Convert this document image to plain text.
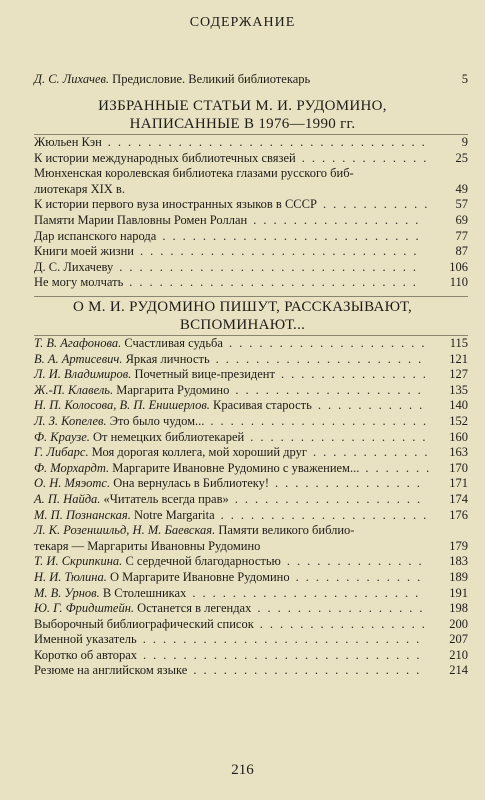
СОДЕРЖАНИЕ
Д. С. Лихачев. Предисловие. Великий библиотекарь	5
ИЗБРАННЫЕ СТАТЬИ М. И. РУДОМИНО,
НАПИСАННЫЕ В 1976—1990 гг.
Жюльен Кэн ................................	9
К истории международных библиотечных связей .............	25
Мюнхенская королевская библиотека глазами русского биб-
лиотекаря XIX в.	49
К истории первого вуза иностранных языков в СССР ...........	57
Памяти Марии Павловны Ромен Роллан .................	69
Дар испанского народа ..........................	77
Книги моей жизни ............................	87
Д. С. Лихачеву .............................. 106
Не могу молчать ............................. 110
О М. И. РУДОМИНО ПИШУТ, РАССКАЗЫВАЮТ,
ВСПОМИНАЮТ...
Т. В. Агафонова. Счастливая судьба .................... 115
В. А. Артисевич. Яркая личность ..................... 121
Л. И. Владимиров. Почетный вице-президент ............... 127
Ж.-П. Клавель. Маргарита Рудомино ................... 135
Н. П. Колосова, В. П. Енишерлов. Красивая старость ........... 140
Л. З. Копелев. Это было чудом... ...................... 152
Ф. Краузе. От немецких библиотекарей .................. 160
Г. Либарс. Моя дорогая коллега, мой хороший друг ............ 163
Ф. Морхардт. Маргарите Ивановне Рудомино с уважением... ....... 170
О. Н. Мяэотс. Она вернулась в Библиотеку! ............... 171
А. П. Найда. «Читатель всегда прав» ................... 174
М. П. Познанская. Notre Margarita ..................... 176
Л. К. Розеншильд, Н. М. Баевская. Памяти великого библио-
текаря — Маргариты Ивановны Рудомино	179
Т. И. Скрипкина. С сердечной благодарностью .............. 183
Н. И. Тюлина. О Маргарите Ивановне Рудомино ............. 189
М. В. Урнов. В Столешниках ....................... 191
Ю. Г. Фридштейн. Останется в легендах ................. 198
Выборочный библиографический список ................. 200
Именной указатель ............................ 207
Коротко об авторах ............................ 210
Резюме на английском языке ....................... 214
216
